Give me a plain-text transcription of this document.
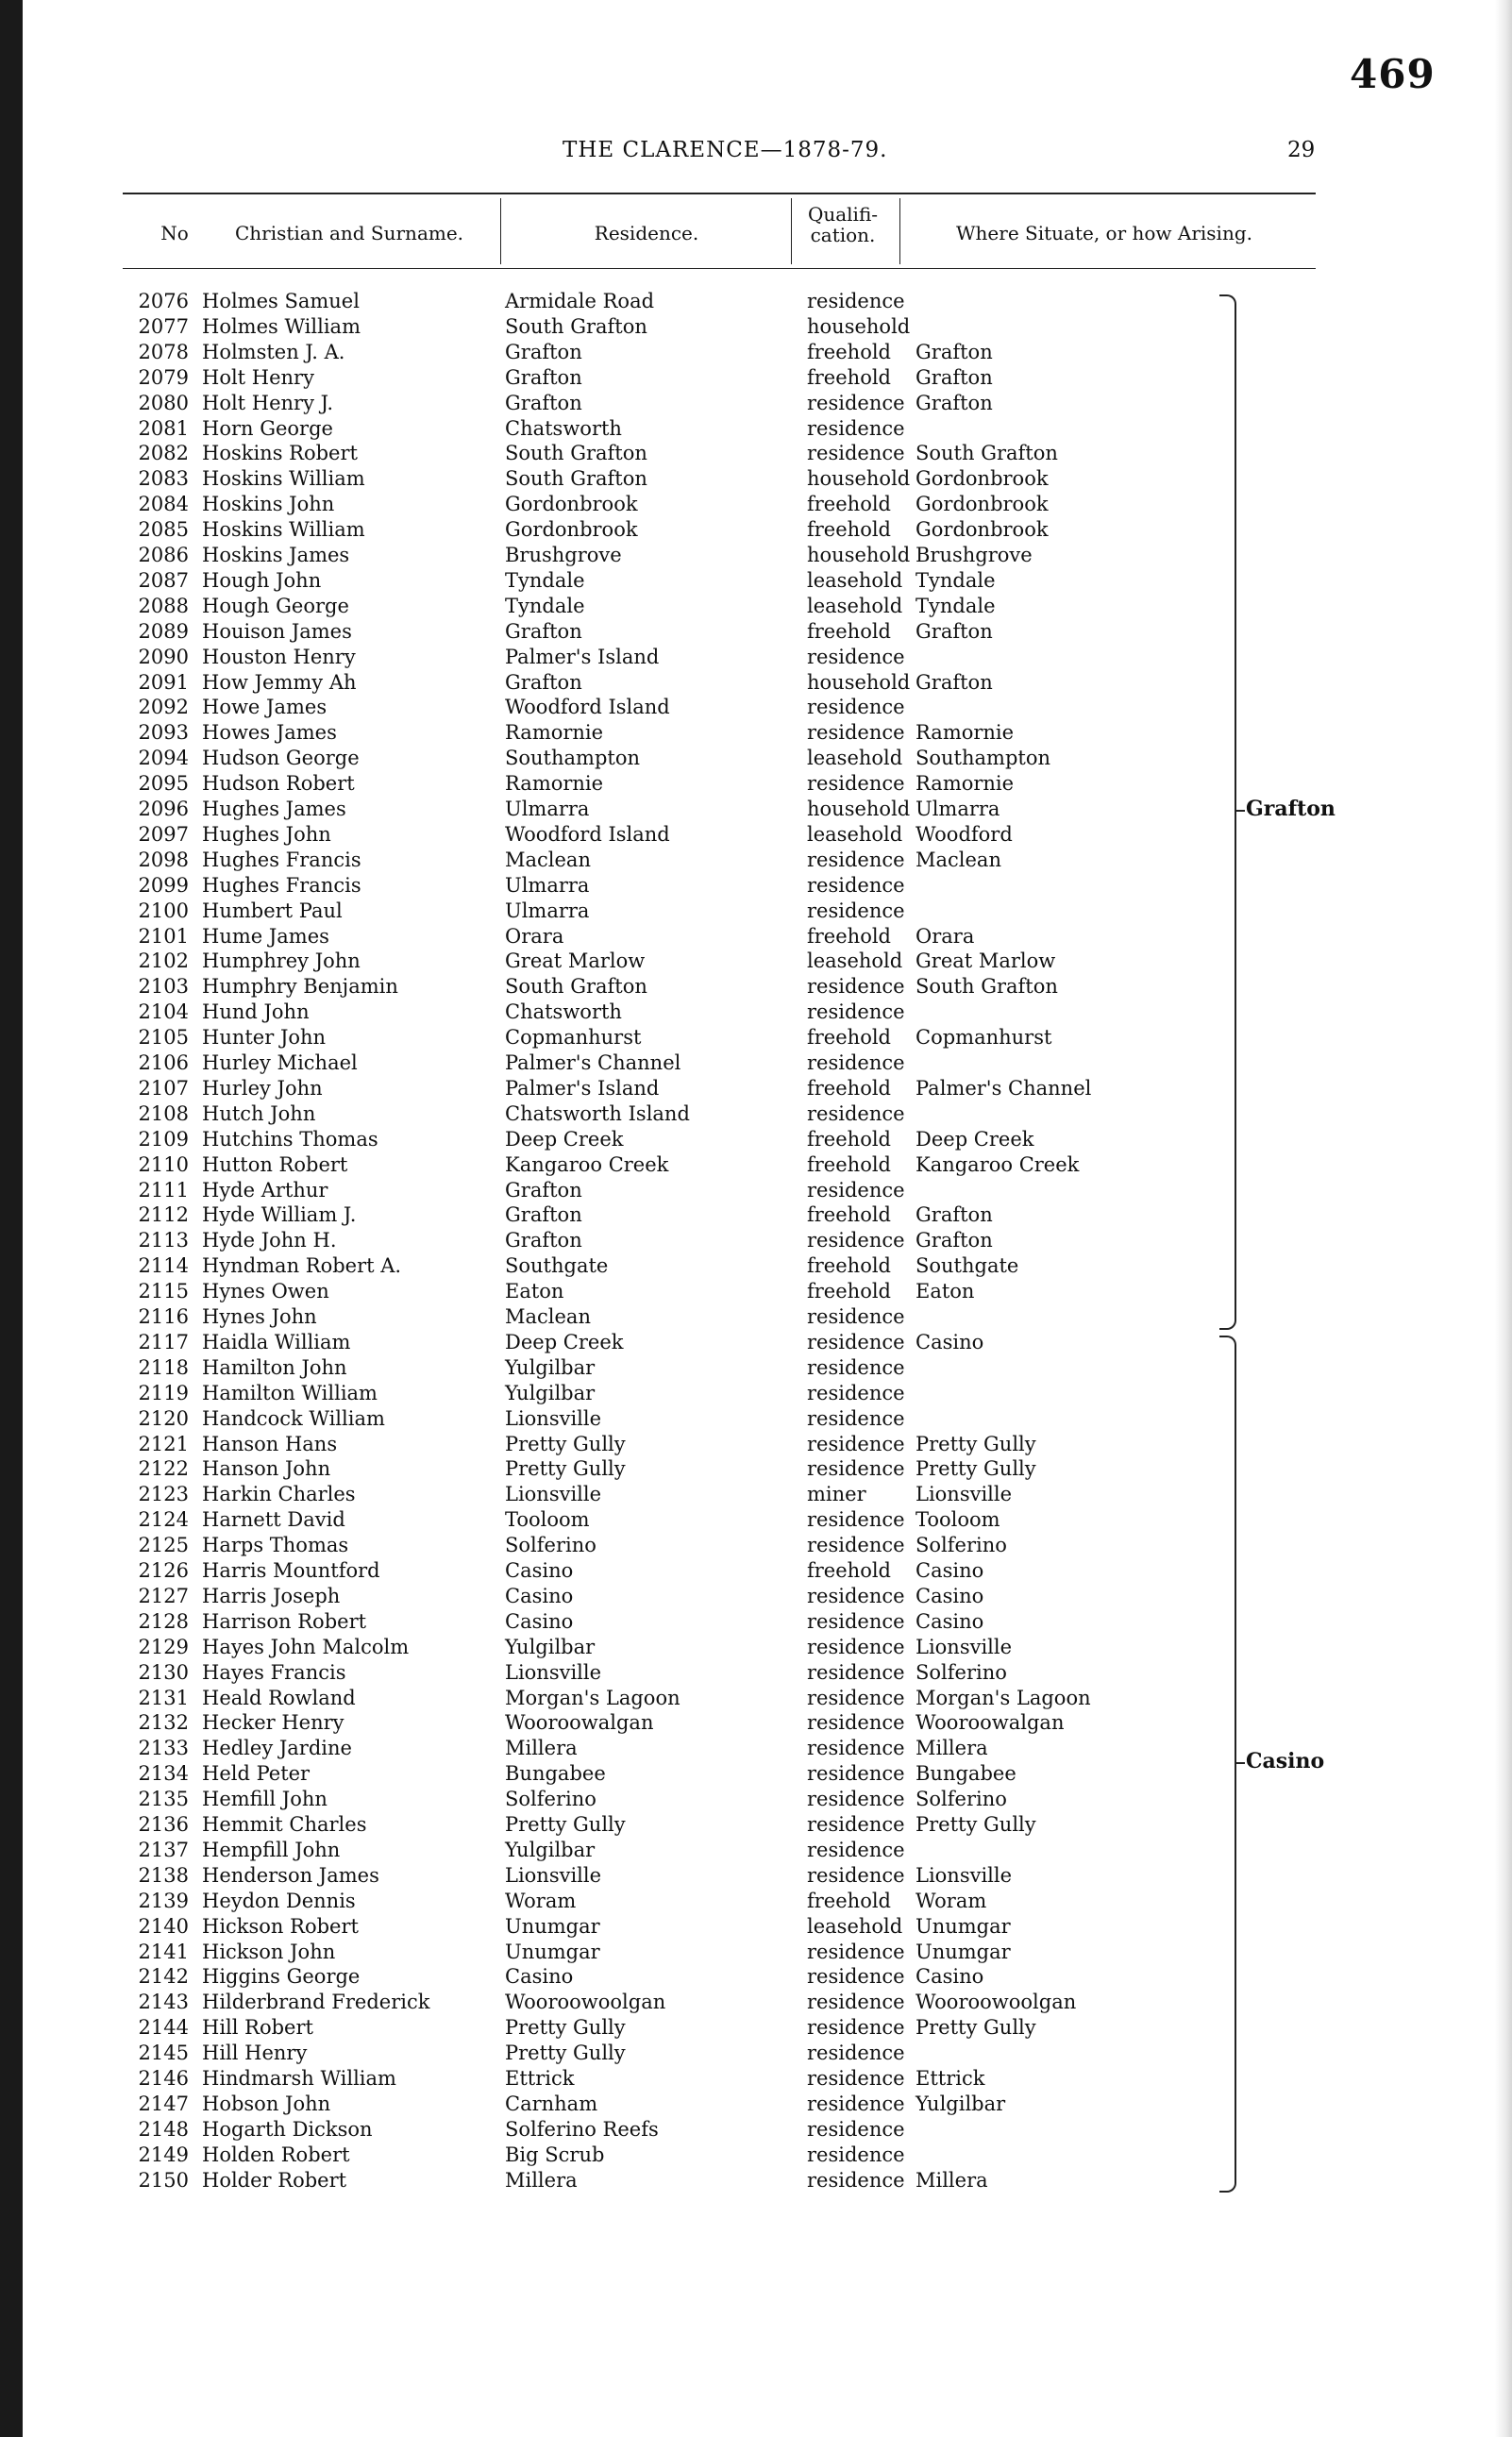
469
THE CLARENCE—1878-79.	29
No	Christian and Surname.	Residence.
Qualifi-
cation.	Where Situate, or how Arising.
2076 Holmes Samuel	Armidale Road	residence
2077 Holmes William	South Grafton	household
2078 Holmsten J. A.	Grafton	freehold Grafton
2079 Holt Henry	Grafton	freehold Grafton
2080 Holt Henry J.	Grafton	residence Grafton
2081 Horn George	Chatsworth	residence
2082 Hoskins Robert	South Grafton	residence South Grafton
2083 Hoskins William	South Grafton	household Gordonbrook
2084 Hoskins John	Gordonbrook	freehold Gordonbrook
2085 Hoskins William	Gordonbrook	freehold Gordonbrook
2086 Hoskins James	Brushgrove	household Brushgrove
2087 Hough John	Tyndale	leasehold Tyndale
2088 Hough George	Tyndale	leasehold Tyndale
2089 Houison James	Grafton	freehold Grafton
2090 Houston Henry	Palmer's Island	residence
2091 How Jemmy Ah	Grafton	household Grafton
2092 Howe James	Woodford Island	residence
2093 Howes James	Ramornie	residence Ramornie
2094 Hudson George	Southampton	leasehold Southampton
2095 Hudson Robert	Ramornie	residence Ramornie
2096 Hughes James	Ulmarra	household Ulmarra
2097 Hughes John	Woodford Island	leasehold Woodford
2098 Hughes Francis	Maclean	residence Maclean
2099 Hughes Francis	Ulmarra	residence
2100 Humbert Paul	Ulmarra	residence
2101 Hume James	Orara	freehold Orara
2102 Humphrey John	Great Marlow	leasehold Great Marlow
2103 Humphry Benjamin	South Grafton	residence South Grafton
2104 Hund John	Chatsworth	residence
2105 Hunter John	Copmanhurst	freehold Copmanhurst
2106 Hurley Michael	Palmer's Channel	residence
2107 Hurley John	Palmer's Island	freehold Palmer's Channel
2108 Hutch John	Chatsworth Island	residence
2109 Hutchins Thomas	Deep Creek	freehold Deep Creek
2110 Hutton Robert	Kangaroo Creek	freehold Kangaroo Creek
2111 Hyde Arthur	Grafton	residence
2112 Hyde William J.	Grafton	freehold Grafton
2113 Hyde John H.	Grafton	residence Grafton
2114 Hyndman Robert A.	Southgate	freehold Southgate
2115 Hynes Owen	Eaton	freehold Eaton
2116 Hynes John	Maclean	residence
2117 Haidla William	Deep Creek	residence Casino
2118 Hamilton John	Yulgilbar	residence
2119 Hamilton William	Yulgilbar	residence
2120 Handcock William	Lionsville	residence
2121 Hanson Hans	Pretty Gully	residence Pretty Gully
2122 Hanson John	Pretty Gully	residence Pretty Gully
2123 Harkin Charles	Lionsville	miner Lionsville
2124 Harnett David	Tooloom	residence Tooloom
2125 Harps Thomas	Solferino	residence Solferino
2126 Harris Mountford	Casino	freehold Casino
2127 Harris Joseph	Casino	residence Casino
2128 Harrison Robert	Casino	residence Casino
2129 Hayes John Malcolm	Yulgilbar	residence Lionsville
2130 Hayes Francis	Lionsville	residence Solferino
2131 Heald Rowland	Morgan's Lagoon	residence Morgan's Lagoon
2132 Hecker Henry	Wooroowalgan	residence Wooroowalgan
2133 Hedley Jardine	Millera	residence Millera
2134 Held Peter	Bungabee	residence Bungabee
2135 Hemfill John	Solferino	residence Solferino
2136 Hemmit Charles	Pretty Gully	residence Pretty Gully
2137 Hempfill John	Yulgilbar	residence
2138 Henderson James	Lionsville	residence Lionsville
2139 Heydon Dennis	Woram	freehold Woram
2140 Hickson Robert	Unumgar	leasehold Unumgar
2141 Hickson John	Unumgar	residence Unumgar
2142 Higgins George	Casino	residence Casino
2143 Hilderbrand Frederick	Wooroowoolgan	residence Wooroowoolgan
2144 Hill Robert	Pretty Gully	residence Pretty Gully
2145 Hill Henry	Pretty Gully	residence
2146 Hindmarsh William	Ettrick	residence Ettrick
2147 Hobson John	Carnham	residence Yulgilbar
2148 Hogarth Dickson	Solferino Reefs	residence
2149 Holden Robert	Big Scrub	residence
2150 Holder Robert	Millera	residence Millera
Grafton
Casino
